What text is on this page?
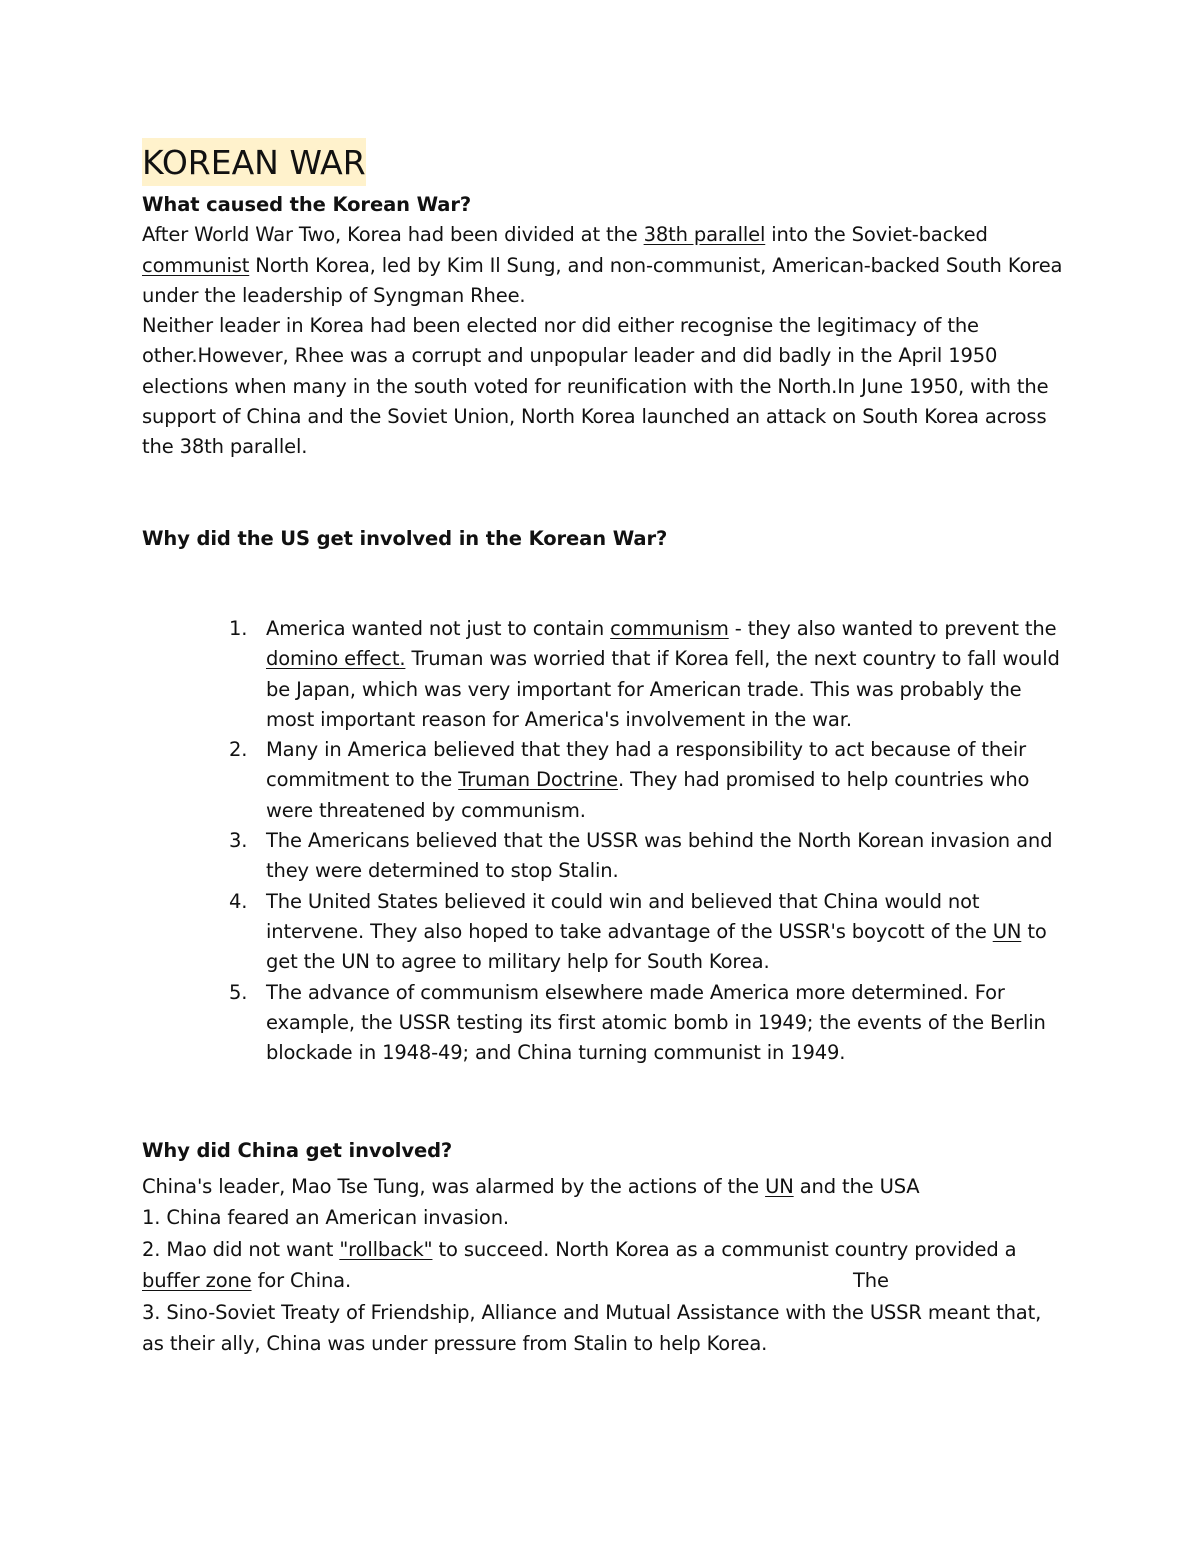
KOREAN WAR
What caused the Korean War?

After World War Two, Korea had been divided at the 38th parallel into the Soviet-backed communist North Korea, led by Kim Il Sung, and non-communist, American-backed South Korea under the leadership of Syngman Rhee.

Neither leader in Korea had been elected nor did either recognise the legitimacy of the other.However, Rhee was a corrupt and unpopular leader and did badly in the April 1950 elections when many in the south voted for reunification with the North.In June 1950, with the support of China and the Soviet Union, North Korea launched an attack on South Korea across the 38th parallel.

Why did the US get involved in the Korean War?
1. America wanted not just to contain communism - they also wanted to prevent the domino effect. Truman was worried that if Korea fell, the next country to fall would be Japan, which was very important for American trade. This was probably the most important reason for America's involvement in the war.
2. Many in America believed that they had a responsibility to act because of their commitment to the Truman Doctrine. They had promised to help countries who were threatened by communism.
3. The Americans believed that the USSR was behind the North Korean invasion and they were determined to stop Stalin.
4. The United States believed it could win and believed that China would not intervene. They also hoped to take advantage of the USSR's boycott of the UN to get the UN to agree to military help for South Korea.
5. The advance of communism elsewhere made America more determined. For example, the USSR testing its first atomic bomb in 1949; the events of the Berlin blockade in 1948-49; and China turning communist in 1949.
Why did China get involved?

China's leader, Mao Tse Tung, was alarmed by the actions of the UN and the USA

1. China feared an American invasion.

2. Mao did not want "rollback" to succeed. North Korea as a communist country provided a buffer zone for China.	The

3. Sino-Soviet Treaty of Friendship, Alliance and Mutual Assistance with the USSR meant that, as their ally, China was under pressure from Stalin to help Korea.
